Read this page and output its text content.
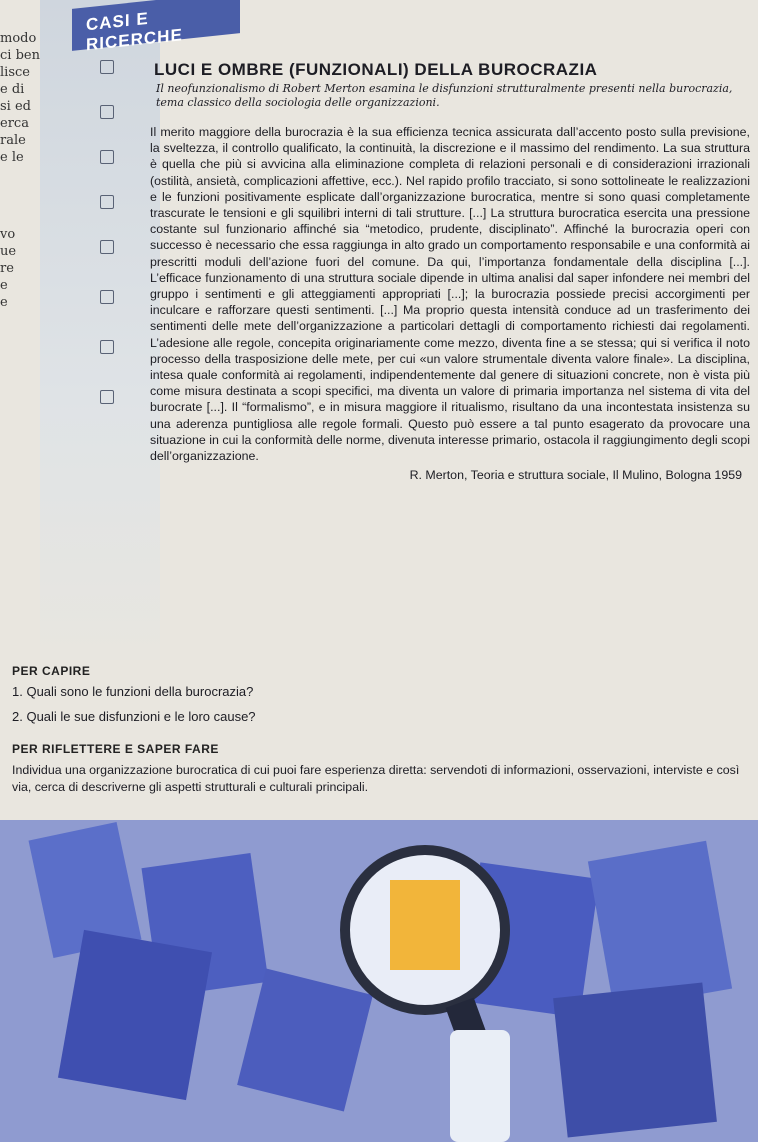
modo
ci ben
lisce
e di
si ed
erca
rale
e le
vo
ue
re
e
e
CASI E RICERCHE
LUCI E OMBRE (FUNZIONALI) DELLA BUROCRAZIA
Il neofunzionalismo di Robert Merton esamina le disfunzioni strutturalmente presenti nella burocrazia, tema classico della sociologia delle organizzazioni.

Il merito maggiore della burocrazia è la sua efficienza tecnica assicurata dall’accento posto sulla previsione, la sveltezza, il controllo qualificato, la continuità, la discrezione e il massimo del rendimento. La sua struttura è quella che più si avvicina alla eliminazione completa di relazioni personali e di considerazioni irrazionali (ostilità, ansietà, complicazioni affettive, ecc.). Nel rapido profilo tracciato, si sono sottolineate le realizzazioni e le funzioni positivamente esplicate dall’organizzazione burocratica, mentre si sono quasi completamente trascurate le tensioni e gli squilibri interni di tali strutture. [...] La struttura burocratica esercita una pressione costante sul funzionario affinché sia “metodico, prudente, disciplinato”. Affinché la burocrazia operi con successo è necessario che essa raggiunga in alto grado un comportamento responsabile e una conformità ai prescritti moduli dell’azione fuori del comune. Da qui, l’importanza fondamentale della disciplina [...]. L’efficace funzionamento di una struttura sociale dipende in ultima analisi dal saper infondere nei membri del gruppo i sentimenti e gli atteggiamenti appropriati [...]; la burocrazia possiede precisi accorgimenti per inculcare e rafforzare questi sentimenti. [...] Ma proprio questa intensità conduce ad un trasferimento dei sentimenti delle mete dell’organizzazione a particolari dettagli di comportamento richiesti dai regolamenti. L’adesione alle regole, concepita originariamente come mezzo, diventa fine a se stessa; qui si verifica il noto processo della trasposizione delle mete, per cui «un valore strumentale diventa valore finale». La disciplina, intesa quale conformità ai regolamenti, indipendentemente dal genere di situazioni concrete, non è vista più come misura destinata a scopi specifici, ma diventa un valore di primaria importanza nel sistema di vita del burocrate [...]. Il “formalismo”, e in misura maggiore il ritualismo, risultano da una incontestata insistenza su una aderenza puntigliosa alle regole formali. Questo può essere a tal punto esagerato da provocare una situazione in cui la conformità delle norme, divenuta interesse primario, ostacola il raggiungimento degli scopi dell’organizzazione.

R. Merton, Teoria e struttura sociale, Il Mulino, Bologna 1959
PER CAPIRE
1. Quali sono le funzioni della burocrazia?
2. Quali le sue disfunzioni e le loro cause?
PER RIFLETTERE E SAPER FARE
Individua una organizzazione burocratica di cui puoi fare esperienza diretta: servendoti di informazioni, osservazioni, interviste e così via, cerca di descriverne gli aspetti strutturali e culturali principali.
